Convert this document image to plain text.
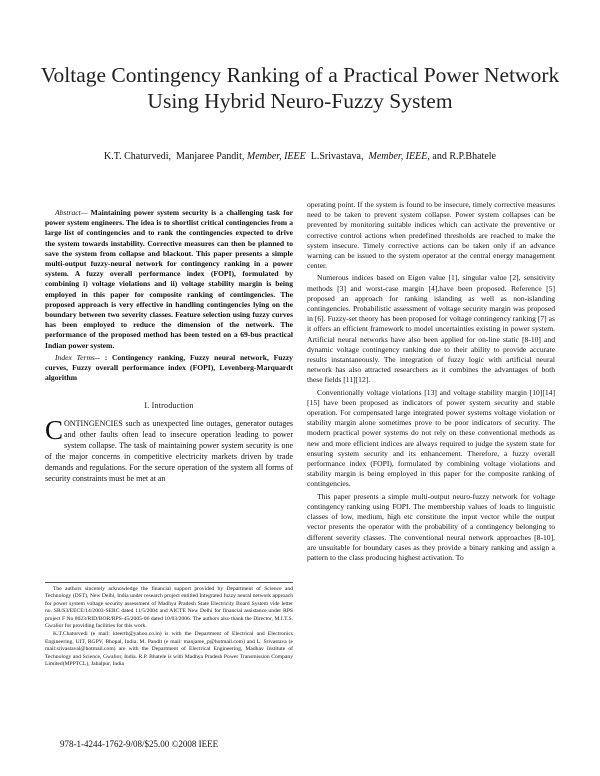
Voltage Contingency Ranking of a Practical Power Network Using Hybrid Neuro-Fuzzy System
K.T. Chaturvedi, Manjaree Pandit, Member, IEEE L.Srivastava, Member, IEEE, and R.P.Bhatele

Abstract— Maintaining power system security is a challenging task for power system engineers. The idea is to shortlist critical contingencies from a large list of contingencies and to rank the contingencies expected to drive the system towards instability. Corrective measures can then be planned to save the system from collapse and blackout. This paper presents a simple multi-output fuzzy-neural network for contingency ranking in a power system. A fuzzy overall performance index (FOPI), formulated by combining i) voltage violations and ii) voltage stability margin is being employed in this paper for composite ranking of contingencies. The proposed approach is very effective in handling contingencies lying on the boundary between two severity classes. Feature selection using fuzzy curves has been employed to reduce the dimension of the network. The performance of the proposed method has been tested on a 69-bus practical Indian power system.

Index Terms-- : Contingency ranking, Fuzzy neural network, Fuzzy curves, Fuzzy overall performance index (FOPI), Levenberg-Marquardt algorithm

I. Introduction

CONTINGENCIES such as unexpected line outages, generator outages and other faults often lead to insecure operation leading to power system collapse. The task of maintaining power system security is one of the major concerns in competitive electricity markets driven by trade demands and regulations. For the secure operation of the system all forms of security constraints must be met at an

The authors sincerely acknowledge the financial support provided by Department of Science and Technology (DST), New Delhi, India under research project entitled Integrated fuzzy neural network approach for power system voltage security assessment of Madhya Pradesh State Electricity Board System vide letter no. SR/S3/EECE/14/2003-SERC dated 11/5/2004 and AICTE New Delhi for financial assistance under RPS project F No 8023/RID/BOR/RPS-45/2005-06 dated 10/03/2006. The authors also thank the Director, M.I.T.S. Gwalior for providing facilities for this work.

K.T.Chaturvedi (e mail: kteerth@yahoo.co.in) is with the Department of Electrical and Electronics Engineering, UIT, RGPV, Bhopal, India. M. Pandit (e mail: manjaree_p@hotmail.com) and L. Srivastava (e mail:srivastaval@hotmail.com) are with the Department of Electrical Engineering, Madhav Institute of Technology and Science, Gwalior, India. R.P. Bhatele is with Madhya Pradesh Power Transmission Company Limited(MPPTCL), Jabalpur, India

978-1-4244-1762-9/08/$25.00 ©2008 IEEE

operating point. If the system is found to be insecure, timely corrective measures need to be taken to prevent system collapse. Power system collapses can be prevented by monitoring suitable indices which can activate the preventive or corrective control actions when predefined thresholds are reached to make the system insecure. Timely corrective actions can be taken only if an advance warning can be issued to the system operator at the central energy management center.

Numerous indices based on Eigen value [1], singular value [2], sensitivity methods [3] and worst-case margin [4],have been proposed. Reference [5] proposed an approach for ranking islanding as well as non-islanding contingencies. Probabilistic assessment of voltage security margin was proposed in [6]. Fuzzy-set theory has been proposed for voltage contingency ranking [7] as it offers an efficient framework to model uncertainties existing in power system. Artificial neural networks have also been applied for on-line static [8-10] and dynamic voltage contingency ranking due to their ability to provide accurate results instantaneously. The integration of fuzzy logic with artificial neural network has also attracted researchers as it combines the advantages of both these fields [11][12].

Conventionally voltage violations [13] and voltage stability margin [10][14][15] have been proposed as indicators of power system security and stable operation. For compensated large integrated power systems voltage violation or stability margin alone sometimes prove to be poor indicators of security. The modern practical power systems do not rely on these conventional methods as new and more efficient indices are always required to judge the system state for ensuring system security and its enhancement. Therefore, a fuzzy overall performance index (FOPI), formulated by combining voltage violations and stability margin is being employed in this paper for the composite ranking of contingencies.

This paper presents a simple multi-output neuro-fuzzy network for voltage contingency ranking using FOPI. The membership values of loads to linguistic classes of low, medium, high etc constitute the input vector while the output vector presents the operator with the probability of a contingency belonging to different severity classes. The conventional neural network approaches [8-10], are unsuitable for boundary cases as they provide a binary ranking and assign a pattern to the class producing highest activation. To
